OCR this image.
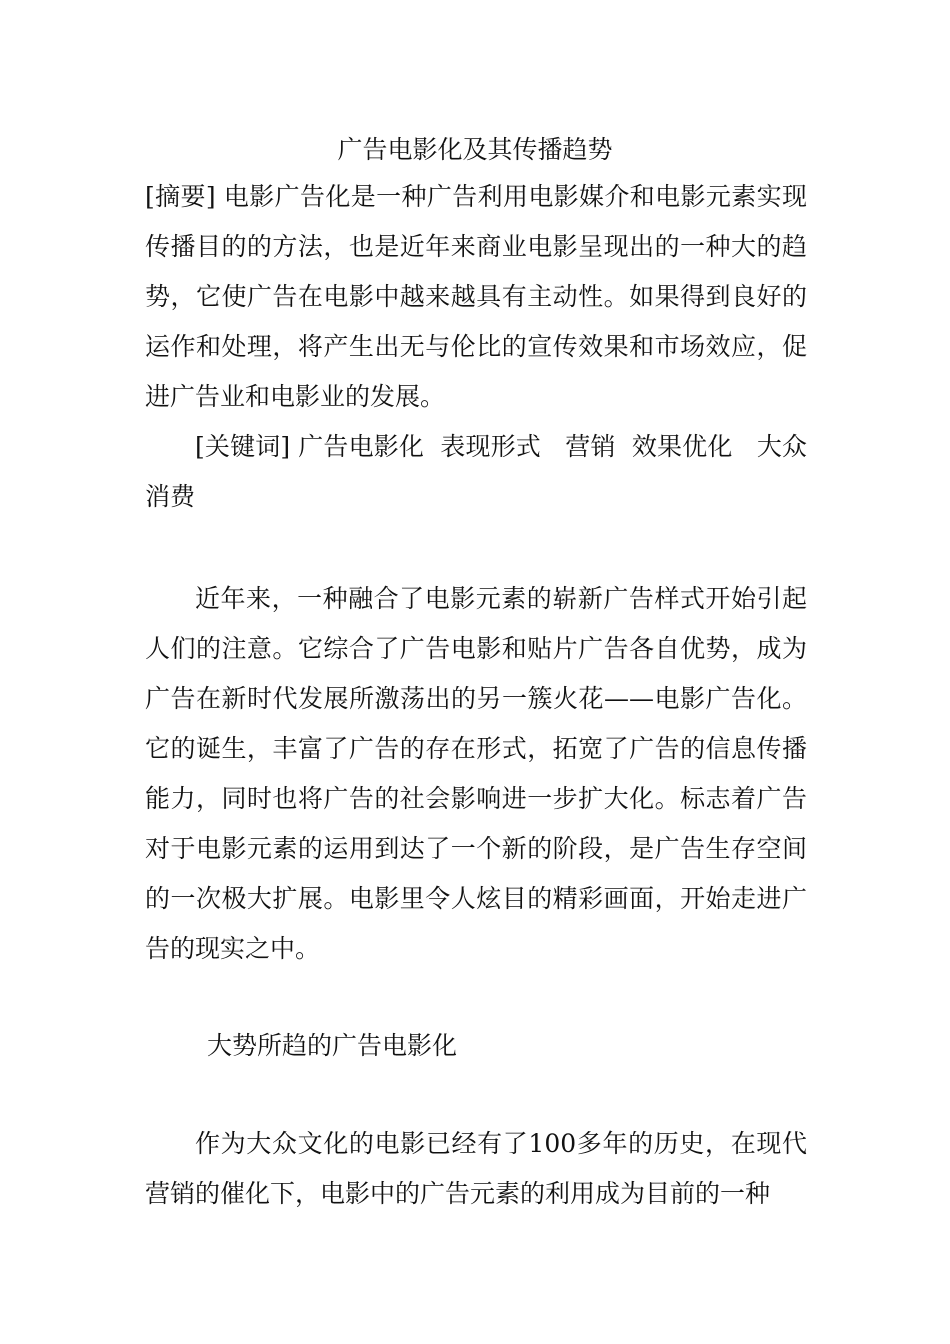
广告电影化及其传播趋势

[摘要] 电影广告化是一种广告利用电影媒介和电影元素实现传播目的的方法，也是近年来商业电影呈现出的一种大的趋势，它使广告在电影中越来越具有主动性。如果得到良好的运作和处理，将产生出无与伦比的宣传效果和市场效应，促进广告业和电影业的发展。

[关键词] 广告电影化  表现形式   营销  效果优化   大众消费

近年来，一种融合了电影元素的崭新广告样式开始引起人们的注意。它综合了广告电影和贴片广告各自优势，成为广告在新时代发展所激荡出的另一簇火花——电影广告化。它的诞生，丰富了广告的存在形式，拓宽了广告的信息传播能力，同时也将广告的社会影响进一步扩大化。标志着广告对于电影元素的运用到达了一个新的阶段，是广告生存空间的一次极大扩展。电影里令人炫目的精彩画面，开始走进广告的现实之中。

大势所趋的广告电影化

作为大众文化的电影已经有了100多年的历史，在现代营销的催化下，电影中的广告元素的利用成为目前的一种
